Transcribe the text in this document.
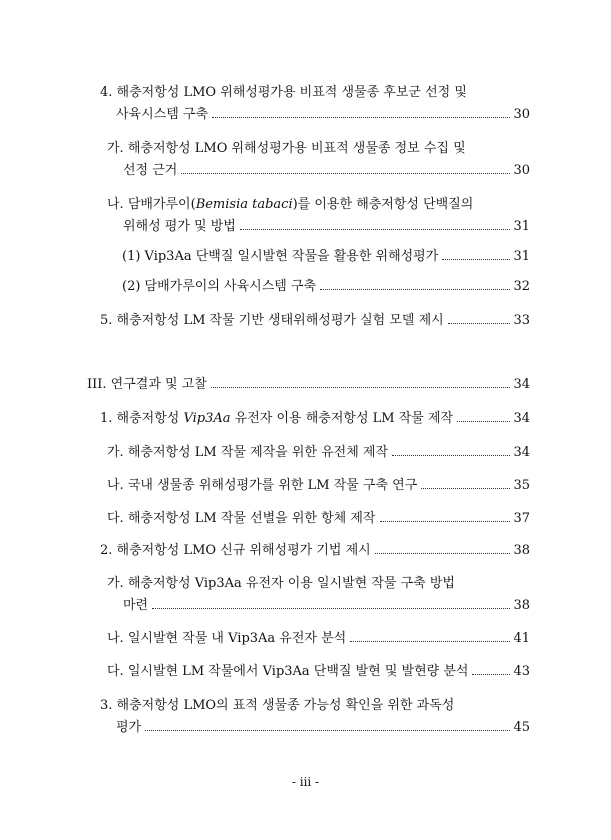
4. 해충저항성 LMO 위해성평가용 비표적 생물종 후보군 선정 및
사육시스템 구축	30
가. 해충저항성 LMO 위해성평가용 비표적 생물종 정보 수집 및
선정 근거	30
나. 담배가루이( Bemisia tabaci )를 이용한 해충저항성 단백질의
위해성 평가 및 방법	31
(1) Vip3Aa 단백질 일시발현 작물을 활용한 위해성평가	31
(2) 담배가루이의 사육시스템 구축	32
5. 해충저항성 LM 작물 기반 생태위해성평가 실험 모델 제시	33
III. 연구결과 및 고찰	34
1. 해충저항성 Vip3Aa 유전자 이용 해충저항성 LM 작물 제작	34
가. 해충저항성 LM 작물 제작을 위한 유전체 제작	34
나. 국내 생물종 위해성평가를 위한 LM 작물 구축 연구	35
다. 해충저항성 LM 작물 선별을 위한 항체 제작	37
2. 해충저항성 LMO 신규 위해성평가 기법 제시	38
가. 해충저항성 Vip3Aa 유전자 이용 일시발현 작물 구축 방법
마련	38
나. 일시발현 작물 내 Vip3Aa 유전자 분석	41
다. 일시발현 LM 작물에서 Vip3Aa 단백질 발현 및 발현량 분석	43
3. 해충저항성 LMO의 표적 생물종 가능성 확인을 위한 과독성
평가	45
- iii -
